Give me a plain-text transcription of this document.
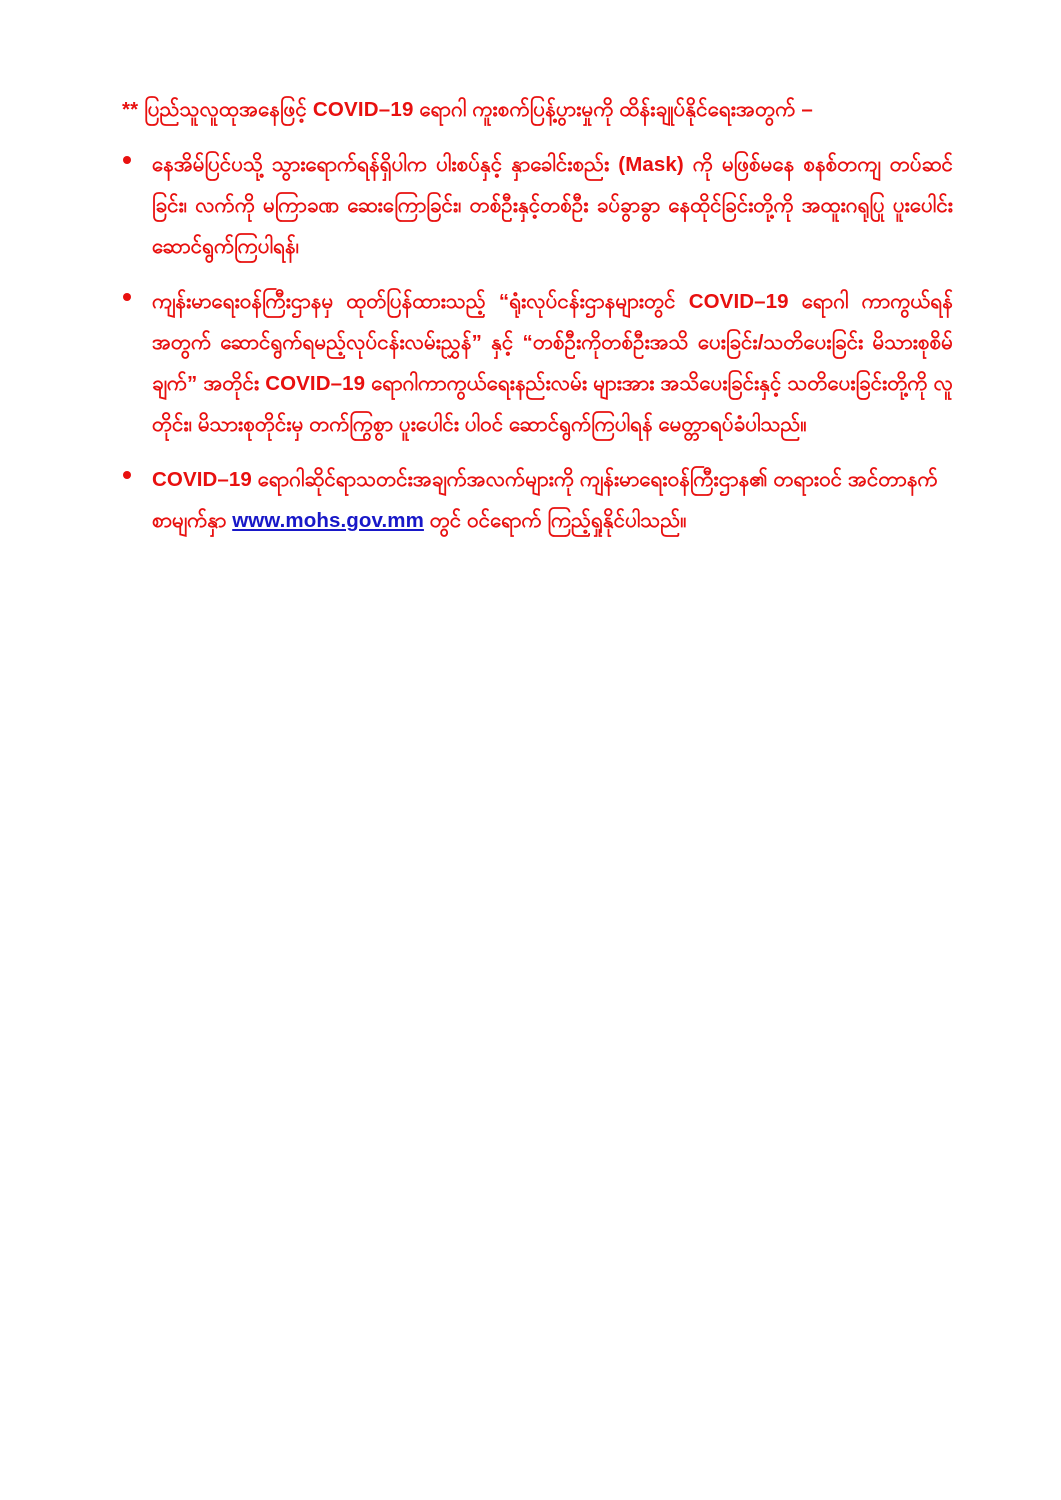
** ပြည်သူလူထုအနေဖြင့် COVID–19 ရောဂါ ကူးစက်ပြန့်ပွားမှုကို ထိန်းချုပ်နိုင်ရေးအတွက် –

နေအိမ်ပြင်ပသို့ သွားရောက်ရန်ရှိပါက ပါးစပ်နှင့် နှာခေါင်းစည်း (Mask) ကို မဖြစ်မနေ စနစ်တကျ တပ်ဆင်ခြင်း၊ လက်ကို မကြာခဏ ဆေးကြောခြင်း၊ တစ်ဦးနှင့်တစ်ဦး ခပ်ခွာခွာ နေထိုင်ခြင်းတို့ကို အထူးဂရုပြု ပူးပေါင်းဆောင်ရွက်ကြပါရန်၊

ကျန်းမာရေးဝန်ကြီးဌာနမှ ထုတ်ပြန်ထားသည့် “ရုံးလုပ်ငန်းဌာနများတွင် COVID–19 ရောဂါ ကာကွယ်ရန်အတွက် ဆောင်ရွက်ရမည့်လုပ်ငန်းလမ်းညွှန်” နှင့် “တစ်ဦးကိုတစ်ဦးအသိ ပေးခြင်း/သတိပေးခြင်း မိသားစုစိမ်ချက်” အတိုင်း COVID–19 ရောဂါကာကွယ်ရေးနည်းလမ်း များအား အသိပေးခြင်းနှင့် သတိပေးခြင်းတို့ကို လူတိုင်း၊ မိသားစုတိုင်းမှ တက်ကြွစွာ ပူးပေါင်း ပါဝင် ဆောင်ရွက်ကြပါရန် မေတ္တာရပ်ခံပါသည်။

COVID–19 ရောဂါဆိုင်ရာသတင်းအချက်အလက်များကို ကျန်းမာရေးဝန်ကြီးဌာန၏ တရားဝင် အင်တာနက်စာမျက်နှာ www.mohs.gov.mm တွင် ဝင်ရောက် ကြည့်ရှုနိုင်ပါသည်။
